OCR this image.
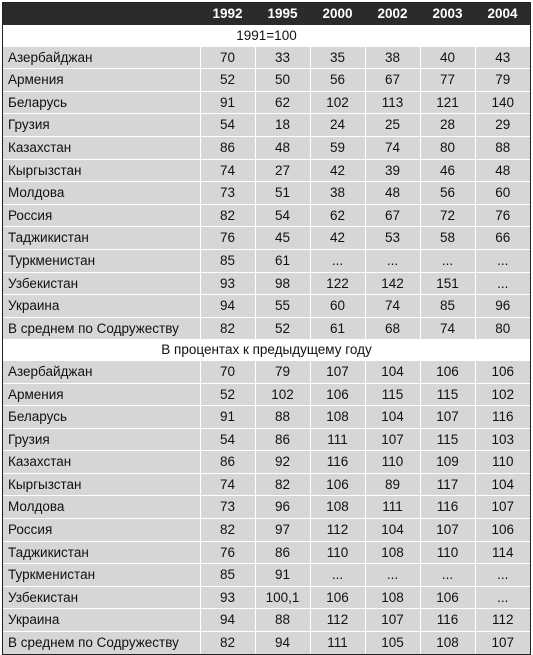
	1992	1995	2000	2002	2003	2004
1991=100						
Азербайджан	70	33	35	38	40	43
Армения	52	50	56	67	77	79
Беларусь	91	62	102	113	121	140
Грузия	54	18	24	25	28	29
Казахстан	86	48	59	74	80	88
Кыргызстан	74	27	42	39	46	48
Молдова	73	51	38	48	56	60
Россия	82	54	62	67	72	76
Таджикистан	76	45	42	53	58	66
Туркменистан	85	61	...	...	...	...
Узбекистан	93	98	122	142	151	...
Украина	94	55	60	74	85	96
В среднем по Содружеству	82	52	61	68	74	80
В процентах к предыдущему году						
Азербайджан	70	79	107	104	106	106
Армения	52	102	106	115	115	102
Беларусь	91	88	108	104	107	116
Грузия	54	86	111	107	115	103
Казахстан	86	92	116	110	109	110
Кыргызстан	74	82	106	89	117	104
Молдова	73	96	108	111	116	107
Россия	82	97	112	104	107	106
Таджикистан	76	86	110	108	110	114
Туркменистан	85	91	...	...	...	...
Узбекистан	93	100,1	106	108	106	...
Украина	94	88	112	107	116	112
В среднем по Содружеству	82	94	111	105	108	107
